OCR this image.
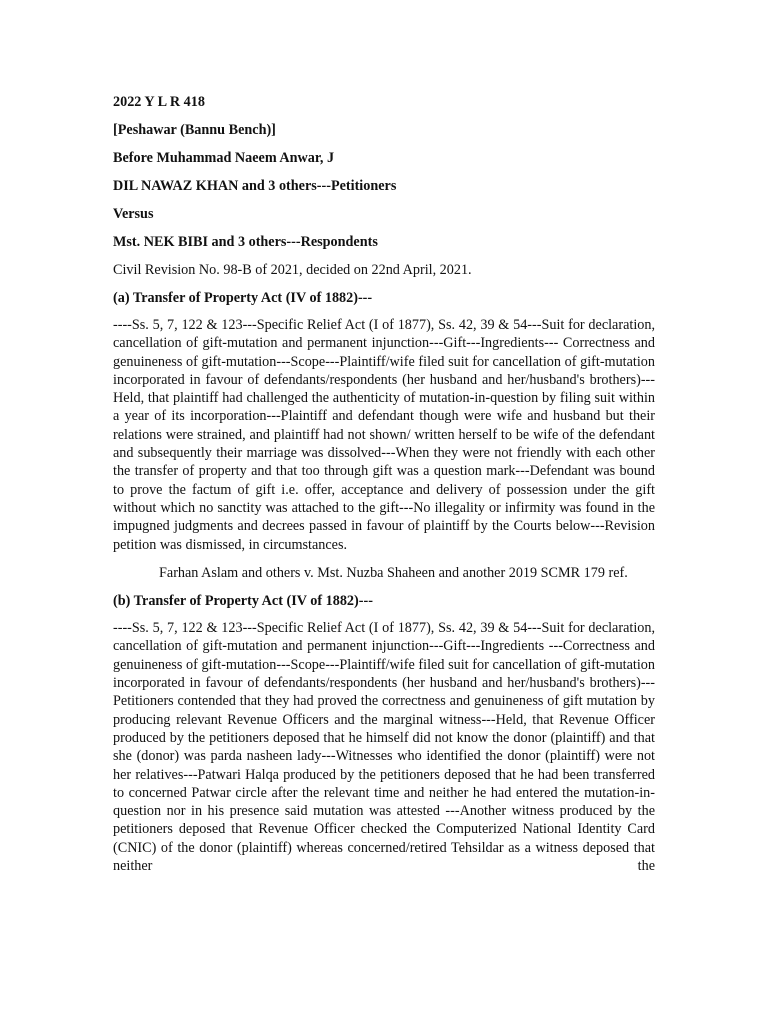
2022 Y L R 418
[Peshawar (Bannu Bench)]
Before Muhammad Naeem Anwar, J
DIL NAWAZ KHAN and 3 others---Petitioners
Versus
Mst. NEK BIBI and 3 others---Respondents
Civil Revision No. 98-B of 2021, decided on 22nd April, 2021.
(a) Transfer of Property Act (IV of 1882)---
----Ss. 5, 7, 122 & 123---Specific Relief Act (I of 1877), Ss. 42, 39 & 54---Suit for declaration, cancellation of gift-mutation and permanent injunction---Gift---Ingredients--- Correctness and genuineness of gift-mutation---Scope---Plaintiff/wife filed suit for cancellation of gift-mutation incorporated in favour of defendants/respondents (her husband and her/husband's brothers)---Held, that plaintiff had challenged the authenticity of mutation-in-question by filing suit within a year of its incorporation---Plaintiff and defendant though were wife and husband but their relations were strained, and plaintiff had not shown/ written herself to be wife of the defendant and subsequently their marriage was dissolved---When they were not friendly with each other the transfer of property and that too through gift was a question mark---Defendant was bound to prove the factum of gift i.e. offer, acceptance and delivery of possession under the gift without which no sanctity was attached to the gift---No illegality or infirmity was found in the impugned judgments and decrees passed in favour of plaintiff by the Courts below---Revision petition was dismissed, in circumstances.
Farhan Aslam and others v. Mst. Nuzba Shaheen and another 2019 SCMR 179 ref.
(b) Transfer of Property Act (IV of 1882)---
----Ss. 5, 7, 122 & 123---Specific Relief Act (I of 1877), Ss. 42, 39 & 54---Suit for declaration, cancellation of gift-mutation and permanent injunction---Gift---Ingredients ---Correctness and genuineness of gift-mutation---Scope---Plaintiff/wife filed suit for cancellation of gift-mutation incorporated in favour of defendants/respondents (her husband and her/husband's brothers)---Petitioners contended that they had proved the correctness and genuineness of gift mutation by producing relevant Revenue Officers and the marginal witness---Held, that Revenue Officer produced by the petitioners deposed that he himself did not know the donor (plaintiff) and that she (donor) was parda nasheen lady---Witnesses who identified the donor (plaintiff) were not her relatives---Patwari Halqa produced by the petitioners deposed that he had been transferred to concerned Patwar circle after the relevant time and neither he had entered the mutation-in-question nor in his presence said mutation was attested ---Another witness produced by the petitioners deposed that Revenue Officer checked the Computerized National Identity Card (CNIC) of the donor (plaintiff) whereas concerned/retired Tehsildar as a witness deposed that neither the
